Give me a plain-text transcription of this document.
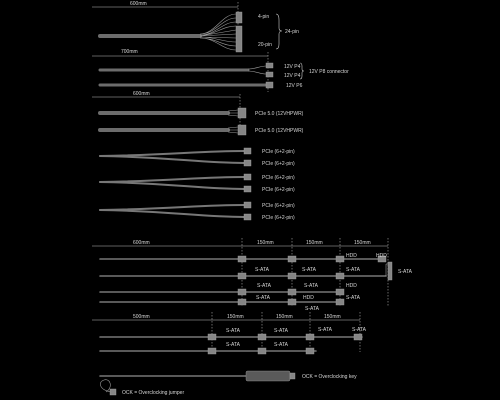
600mm
4-pin
20-pin
24-pin
700mm
12V P4
12V P4
12V P8 connector
12V P6
600mm
PCIe 5.0 (12VHPWR)
PCIe 5.0 (12VHPWR)
PCIe (6+2-pin)
PCIe (6+2-pin)
PCIe (6+2-pin)
PCIe (6+2-pin)
PCIe (6+2-pin)
PCIe (6+2-pin)
600mm	150mm	150mm	150mm
S-ATA	S-ATA
HDD	HDD
S-ATA
S-ATA	S-ATA
S-ATA
HDD
HDD
S-ATA
S-ATA
S-ATA
500mm	150mm	150mm	150mm
S-ATA	S-ATA	S-ATA	S-ATA
S-ATA	S-ATA
OCK = Overclocking key
OCK = Overclocking jumper
